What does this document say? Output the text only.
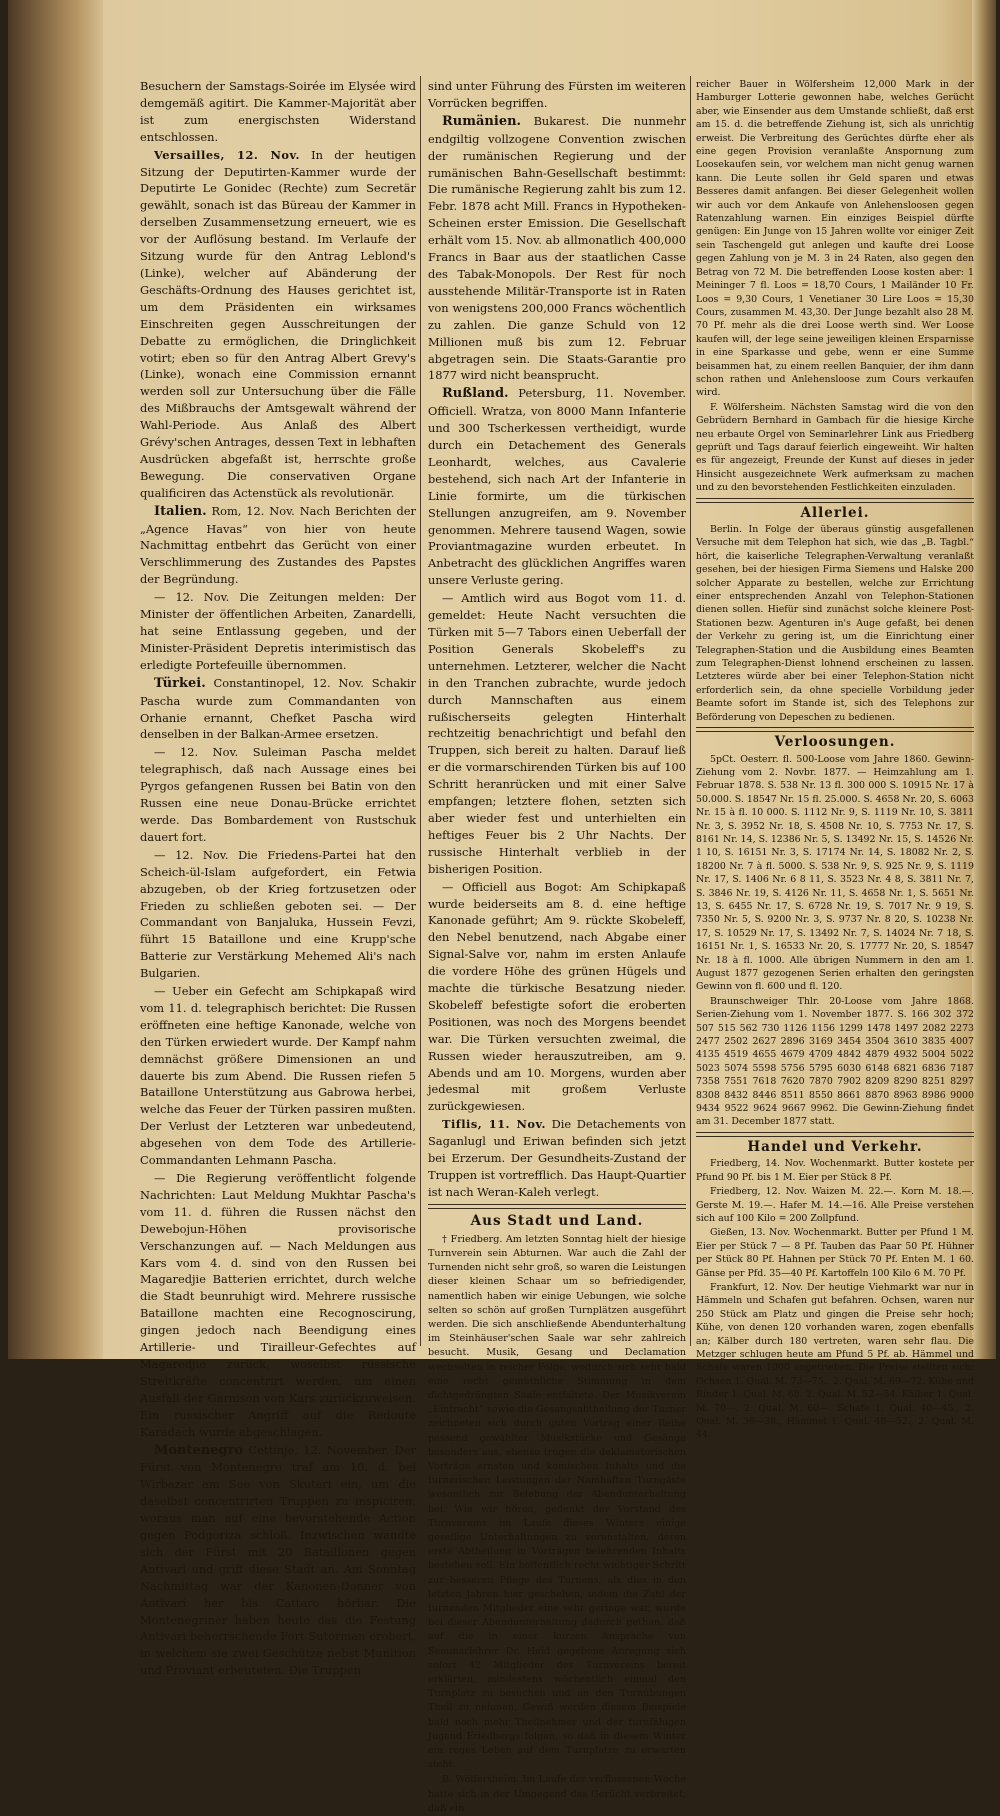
Besuchern der Samstags-Soirée im Elysée wird demgemäß agitirt. Die Kammer-Majorität aber ist zum energischsten Widerstand entschlossen.

Versailles, 12. Nov. In der heutigen Sitzung der Deputirten-Kammer wurde der Deputirte Le Gonidec (Rechte) zum Secretär gewählt, sonach ist das Büreau der Kammer in derselben Zusammensetzung erneuert, wie es vor der Auflösung bestand. Im Verlaufe der Sitzung wurde für den Antrag Leblond's (Linke), welcher auf Abänderung der Geschäfts-Ordnung des Hauses gerichtet ist, um dem Präsidenten ein wirksames Einschreiten gegen Ausschreitungen der Debatte zu ermöglichen, die Dringlichkeit votirt; eben so für den Antrag Albert Grevy's (Linke), wonach eine Commission ernannt werden soll zur Untersuchung über die Fälle des Mißbrauchs der Amtsgewalt während der Wahl-Periode. Aus Anlaß des Albert Grévy'schen Antrages, dessen Text in lebhaften Ausdrücken abgefaßt ist, herrschte große Bewegung. Die conservativen Organe qualificiren das Actenstück als revolutionär.

Italien. Rom, 12. Nov. Nach Berichten der „Agence Havas“ von hier von heute Nachmittag entbehrt das Gerücht von einer Verschlimmerung des Zustandes des Papstes der Begründung.

— 12. Nov. Die Zeitungen melden: Der Minister der öffentlichen Arbeiten, Zanardelli, hat seine Entlassung gegeben, und der Minister-Präsident Depretis interimistisch das erledigte Portefeuille übernommen.

Türkei. Constantinopel, 12. Nov. Schakir Pascha wurde zum Commandanten von Orhanie ernannt, Chefket Pascha wird denselben in der Balkan-Armee ersetzen.

— 12. Nov. Suleiman Pascha meldet telegraphisch, daß nach Aussage eines bei Pyrgos gefangenen Russen bei Batin von den Russen eine neue Donau-Brücke errichtet werde. Das Bombardement von Rustschuk dauert fort.

— 12. Nov. Die Friedens-Partei hat den Scheich-ül-Islam aufgefordert, ein Fetwia abzugeben, ob der Krieg fortzusetzen oder Frieden zu schließen geboten sei. — Der Commandant von Banjaluka, Hussein Fevzi, führt 15 Bataillone und eine Krupp'sche Batterie zur Verstärkung Mehemed Ali's nach Bulgarien.

— Ueber ein Gefecht am Schipkapaß wird vom 11. d. telegraphisch berichtet: Die Russen eröffneten eine heftige Kanonade, welche von den Türken erwiedert wurde. Der Kampf nahm demnächst größere Dimensionen an und dauerte bis zum Abend. Die Russen riefen 5 Bataillone Unterstützung aus Gabrowa herbei, welche das Feuer der Türken passiren mußten. Der Verlust der Letzteren war unbedeutend, abgesehen von dem Tode des Artillerie-Commandanten Lehmann Pascha.

— Die Regierung veröffentlicht folgende Nachrichten: Laut Meldung Mukhtar Pascha's vom 11. d. führen die Russen nächst den Dewebojun-Höhen provisorische Verschanzungen auf. — Nach Meldungen aus Kars vom 4. d. sind von den Russen bei Magaredjie Batterien errichtet, durch welche die Stadt beunruhigt wird. Mehrere russische Bataillone machten eine Recognoscirung, gingen jedoch nach Beendigung eines Artillerie- und Tirailleur-Gefechtes auf Magaredjie zurück, woselbst russische Streitkräfte concentrirt werden, um einen Ausfall der Garnison von Kars zurückzuweisen. Ein russischer Angriff auf die Redoute Karadach wurde abgeschlagen.

Montenegro Cettinje, 12. November. Der Fürst von Montenegro traf am 10. d. bei Wirbazar am See von Skutari ein, um die daselbst concentrirten Truppen zu inspiciren, woraus man auf eine bevorstehende Action gegen Podgoriza schloß. Inzwischen wandte sich der Fürst mit 20 Bataillonen gegen Antivari und griff diese Stadt an. Am Sonntag Nachmittag war der Kanonen-Donner von Antivari her bis Cattaro hörbar. Die Montenegriner haben heute das die Festung Antivari beherrschende Fort Sutorman erobert, in welchem sie zwei Geschütze nebst Munition und Proviant erbeuteten. Die Truppen

sind unter Führung des Fürsten im weiteren Vorrücken begriffen.

Rumänien. Bukarest. Die nunmehr endgiltig vollzogene Convention zwischen der rumänischen Regierung und der rumänischen Bahn-Gesellschaft bestimmt: Die rumänische Regierung zahlt bis zum 12. Febr. 1878 acht Mill. Francs in Hypotheken-Scheinen erster Emission. Die Gesellschaft erhält vom 15. Nov. ab allmonatlich 400,000 Francs in Baar aus der staatlichen Casse des Tabak-Monopols. Der Rest für noch ausstehende Militär-Transporte ist in Raten von wenigstens 200,000 Francs wöchentlich zu zahlen. Die ganze Schuld von 12 Millionen muß bis zum 12. Februar abgetragen sein. Die Staats-Garantie pro 1877 wird nicht beansprucht.

Rußland. Petersburg, 11. November. Officiell. Wratza, von 8000 Mann Infanterie und 300 Tscherkessen vertheidigt, wurde durch ein Detachement des Generals Leonhardt, welches, aus Cavalerie bestehend, sich nach Art der Infanterie in Linie formirte, um die türkischen Stellungen anzugreifen, am 9. November genommen. Mehrere tausend Wagen, sowie Proviantmagazine wurden erbeutet. In Anbetracht des glücklichen Angriffes waren unsere Verluste gering.

— Amtlich wird aus Bogot vom 11. d. gemeldet: Heute Nacht versuchten die Türken mit 5—7 Tabors einen Ueberfall der Position Generals Skobeleff's zu unternehmen. Letzterer, welcher die Nacht in den Tranchen zubrachte, wurde jedoch durch Mannschaften aus einem rußischerseits gelegten Hinterhalt rechtzeitig benachrichtigt und befahl den Truppen, sich bereit zu halten. Darauf ließ er die vormarschirenden Türken bis auf 100 Schritt heranrücken und mit einer Salve empfangen; letztere flohen, setzten sich aber wieder fest und unterhielten ein heftiges Feuer bis 2 Uhr Nachts. Der russische Hinterhalt verblieb in der bisherigen Position.

— Officiell aus Bogot: Am Schipkapaß wurde beiderseits am 8. d. eine heftige Kanonade geführt; Am 9. rückte Skobeleff, den Nebel benutzend, nach Abgabe einer Signal-Salve vor, nahm im ersten Anlaufe die vordere Höhe des grünen Hügels und machte die türkische Besatzung nieder. Skobeleff befestigte sofort die eroberten Positionen, was noch des Morgens beendet war. Die Türken versuchten zweimal, die Russen wieder herauszutreiben, am 9. Abends und am 10. Morgens, wurden aber jedesmal mit großem Verluste zurückgewiesen.

Tiflis, 11. Nov. Die Detachements von Saganlugl und Eriwan befinden sich jetzt bei Erzerum. Der Gesundheits-Zustand der Truppen ist vortrefflich. Das Haupt-Quartier ist nach Weran-Kaleh verlegt.

Aus Stadt und Land.

† Friedberg. Am letzten Sonntag hielt der hiesige Turnverein sein Abturnen. War auch die Zahl der Turnenden nicht sehr groß, so waren die Leistungen dieser kleinen Schaar um so befriedigender, namentlich haben wir einige Uebungen, wie solche selten so schön auf großen Turnplätzen ausgeführt werden. Die sich anschließende Abendunterhaltung im Steinhäuser'schen Saale war sehr zahlreich besucht. Musik, Gesang und Declamation wechselten in reicher Folge, wodurch sich sehr bald eine recht gemüthliche Stimmung in dem dichtgedrängten Saale entfaltete. Der Musikverein „Eintracht“ sowie die Gesangsabtheilung der Turner zeichneten sich durch guten Vortrag einer Reihe passend gewählter Musikstücke und Gesänge besonders aus, ebenso trugen die deklamatorischen Vorträge ernsten und komischen Inhalts und die turnerischen Leistungen der Namhaften Turngäste wesentlich zur Belebung der Abendunterhaltung bei. Wie wir hören, gedenkt der Vorstand des Turnvereins im Laufe dieses Winters einige gesellige Unterhaltungen zu veranstalten, deren erste Abtheilung in Vorträgen belehrenden Inhalts bestehen soll. Ein hoffentlich recht wichtiger Schritt zur besseren Pflege des Turnens, als dies in den letzten Jahren hier geschehen, indem die Zahl der turnenden Mitglieder eine sehr geringe war, wurde bei dieser Abendunterhaltung dadurch gethan, daß auf die in einer kurzen Ansprache von Seminarlehrer Dr. Heid gegebene Anregung sich sofort 42 Mitglieder des Turnvereins bereit erklärten, mindestens wöchentlich einmal den Turnplatz zu besuchen und an den Turnübungen Theil zu nehmen. Gewiß werden diesem Beispiele bald noch mehr Theilnehmer und der turnfähigen Jugend Friedbergs folgen, so daß in diesem Winter ein reges Leben auf dem Turnplatze zu erwarten steht.

B. Wölfersheim. Im Laufe der verflossenen Woche hatte sich in der Umgegend das Gerücht verbreitet, daß ein

reicher Bauer in Wölfersheim 12,000 Mark in der Hamburger Lotterie gewonnen habe, welches Gerücht aber, wie Einsender aus dem Umstande schließt, daß erst am 15. d. die betreffende Ziehung ist, sich als unrichtig erweist. Die Verbreitung des Gerüchtes dürfte eher als eine gegen Provision veranlaßte Anspornung zum Loosekaufen sein, vor welchem man nicht genug warnen kann. Die Leute sollen ihr Geld sparen und etwas Besseres damit anfangen. Bei dieser Gelegenheit wollen wir auch vor dem Ankaufe von Anlehensloosen gegen Ratenzahlung warnen. Ein einziges Beispiel dürfte genügen: Ein Junge von 15 Jahren wollte vor einiger Zeit sein Taschengeld gut anlegen und kaufte drei Loose gegen Zahlung von je M. 3 in 24 Raten, also gegen den Betrag von 72 M. Die betreffenden Loose kosten aber: 1 Meininger 7 fl. Loos = 18,70 Cours, 1 Mailänder 10 Fr. Loos = 9,30 Cours, 1 Venetianer 30 Lire Loos = 15,30 Cours, zusammen M. 43,30. Der Junge bezahlt also 28 M. 70 Pf. mehr als die drei Loose werth sind. Wer Loose kaufen will, der lege seine jeweiligen kleinen Ersparnisse in eine Sparkasse und gebe, wenn er eine Summe beisammen hat, zu einem reellen Banquier, der ihm dann schon rathen und Anlehensloose zum Cours verkaufen wird.

F. Wölfersheim. Nächsten Samstag wird die von den Gebrüdern Bernhard in Gambach für die hiesige Kirche neu erbaute Orgel von Seminarlehrer Link aus Friedberg geprüft und Tags darauf feierlich eingeweiht. Wir halten es für angezeigt, Freunde der Kunst auf dieses in jeder Hinsicht ausgezeichnete Werk aufmerksam zu machen und zu den bevorstehenden Festlichkeiten einzuladen.

Allerlei.

Berlin. In Folge der überaus günstig ausgefallenen Versuche mit dem Telephon hat sich, wie das „B. Tagbl.“ hört, die kaiserliche Telegraphen-Verwaltung veranlaßt gesehen, bei der hiesigen Firma Siemens und Halske 200 solcher Apparate zu bestellen, welche zur Errichtung einer entsprechenden Anzahl von Telephon-Stationen dienen sollen. Hiefür sind zunächst solche kleinere Post-Stationen bezw. Agenturen in's Auge gefaßt, bei denen der Verkehr zu gering ist, um die Einrichtung einer Telegraphen-Station und die Ausbildung eines Beamten zum Telegraphen-Dienst lohnend erscheinen zu lassen. Letzteres würde aber bei einer Telephon-Station nicht erforderlich sein, da ohne specielle Vorbildung jeder Beamte sofort im Stande ist, sich des Telephons zur Beförderung von Depeschen zu bedienen.

Verloosungen.

5pCt. Oesterr. fl. 500-Loose vom Jahre 1860. Gewinn-Ziehung vom 2. Novbr. 1877. — Heimzahlung am 1. Februar 1878. S. 538 Nr. 13 fl. 300 000 S. 10915 Nr. 17 à 50.000. S. 18547 Nr. 15 fl. 25.000. S. 4658 Nr. 20, S. 6063 Nr. 15 à fl. 10 000. S. 1112 Nr. 9, S. 1119 Nr. 10, S. 3811 Nr. 3, S. 3952 Nr. 18, S. 4508 Nr. 10, S. 7753 Nr. 17, S. 8161 Nr. 14, S. 12386 Nr. 5, S. 13492 Nr. 15, S. 14526 Nr. 1 10, S. 16151 Nr. 3, S. 17174 Nr. 14, S. 18082 Nr. 2, S. 18200 Nr. 7 à fl. 5000. S. 538 Nr. 9, S. 925 Nr. 9, S. 1119 Nr. 17, S. 1406 Nr. 6 8 11, S. 3523 Nr. 4 8, S. 3811 Nr. 7, S. 3846 Nr. 19, S. 4126 Nr. 11, S. 4658 Nr. 1, S. 5651 Nr. 13, S. 6455 Nr. 17, S. 6728 Nr. 19, S. 7017 Nr. 9 19, S. 7350 Nr. 5, S. 9200 Nr. 3, S. 9737 Nr. 8 20, S. 10238 Nr. 17, S. 10529 Nr. 17, S. 13492 Nr. 7, S. 14024 Nr. 7 18, S. 16151 Nr. 1, S. 16533 Nr. 20, S. 17777 Nr. 20, S. 18547 Nr. 18 à fl. 1000. Alle übrigen Nummern in den am 1. August 1877 gezogenen Serien erhalten den geringsten Gewinn von fl. 600 und fl. 120.

Braunschweiger Thlr. 20-Loose vom Jahre 1868. Serien-Ziehung vom 1. November 1877. S. 166 302 372 507 515 562 730 1126 1156 1299 1478 1497 2082 2273 2477 2502 2627 2896 3169 3454 3504 3610 3835 4007 4135 4519 4655 4679 4709 4842 4879 4932 5004 5022 5023 5074 5598 5756 5795 6030 6148 6821 6836 7187 7358 7551 7618 7620 7870 7902 8209 8290 8251 8297 8308 8432 8446 8511 8550 8661 8870 8963 8986 9000 9434 9522 9624 9667 9962. Die Gewinn-Ziehung findet am 31. December 1877 statt.

Handel und Verkehr.

Friedberg, 14. Nov. Wochenmarkt. Butter kostete per Pfund 90 Pf. bis 1 M. Eier per Stück 8 Pf.

Friedberg, 12. Nov. Waizen M. 22.—. Korn M. 18.—. Gerste M. 19.—. Hafer M. 14.—16. Alle Preise verstehen sich auf 100 Kilo = 200 Zollpfund.

Gießen, 13. Nov. Wochenmarkt. Butter per Pfund 1 M. Eier per Stück 7 — 8 Pf. Tauben das Paar 50 Pf. Hühner per Stück 80 Pf. Hahnen per Stück 70 Pf. Enten M. 1 60. Gänse per Pfd. 35—40 Pf. Kartoffeln 100 Kilo 6 M. 70 Pf.

Frankfurt, 12. Nov. Der heutige Viehmarkt war nur in Hämmeln und Schafen gut befahren. Ochsen, waren nur 250 Stück am Platz und gingen die Preise sehr hoch; Kühe, von denen 120 vorhanden waren, zogen ebenfalls an; Kälber durch 180 vertreten, waren sehr flau. Die Metzger schlugen heute am Pfund 5 Pf. ab. Hämmel und Schafe waren 1000 angetrieben. Die Preise stellten sich: Ochsen 1. Qual. M. 73—75., 2. Qual. M. 69—72. Kühe und Rinder 1. Qual. M. 68. 2. Qual. M. 52—54. Kälber 1. Qual. M. 70—. 2. Qual. M. 60—. Schafe 1. Qual. 40—45., 2. Qual. M. 36—38., Hämmel 1. Qual. 48—52., 2. Qual. M. 44.
